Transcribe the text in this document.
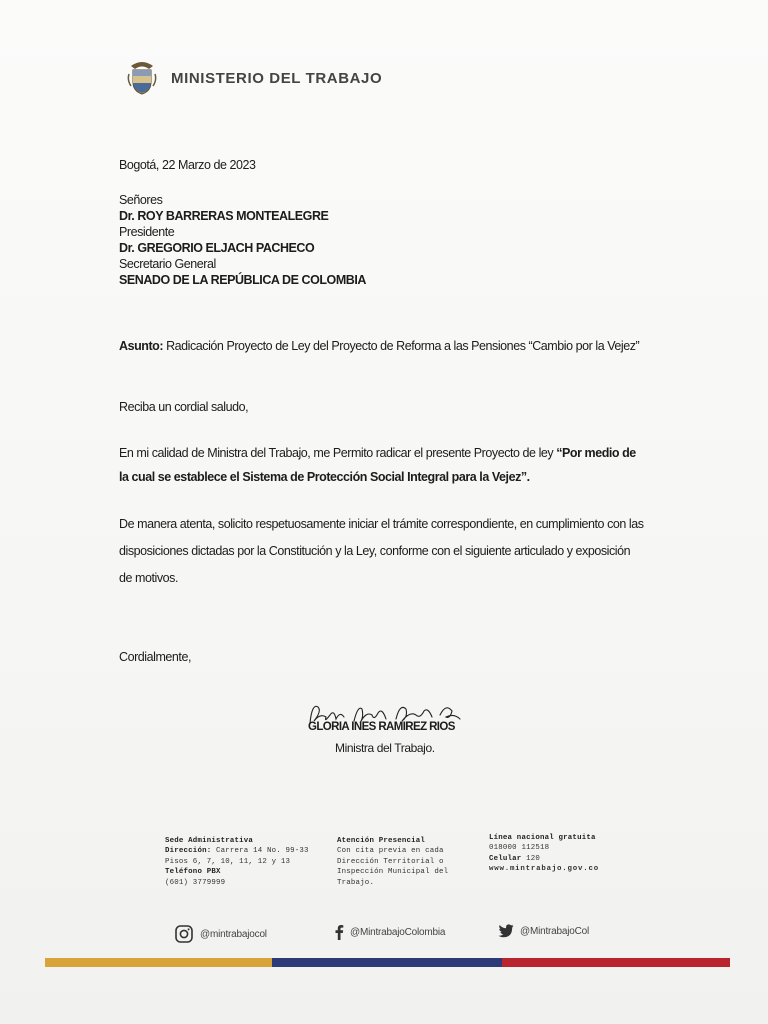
MINISTERIO DEL TRABAJO
Bogotá, 22 Marzo de 2023
Señores
Dr. ROY BARRERAS MONTEALEGRE
Presidente
Dr. GREGORIO ELJACH PACHECO
Secretario General
SENADO DE LA REPÚBLICA DE COLOMBIA
Asunto: Radicación Proyecto de Ley del Proyecto de Reforma a las Pensiones “Cambio por la Vejez”
Reciba un cordial saludo,
En mi calidad de Ministra del Trabajo, me Permito radicar el presente Proyecto de ley “Por medio de
la cual se establece el Sistema de Protección Social Integral para la Vejez”.
De manera atenta, solicito respetuosamente iniciar el trámite correspondiente, en cumplimiento con las
disposiciones dictadas por la Constitución y la Ley, conforme con el siguiente articulado y exposición
de motivos.
Cordialmente,
GLORIA INES RAMIREZ RIOS
Ministra del Trabajo.
Sede Administrativa
Dirección: Carrera 14 No. 99-33
Pisos 6, 7, 10, 11, 12 y 13
Teléfono PBX
(601) 3779999
Atención Presencial
Con cita previa en cada
Dirección Territorial o
Inspección Municipal del
Trabajo.
Línea nacional gratuita
018000 112518
Celular 120
www.mintrabajo.gov.co
@mintrabajocol	@MintrabajoColombia	@MintrabajoCol
